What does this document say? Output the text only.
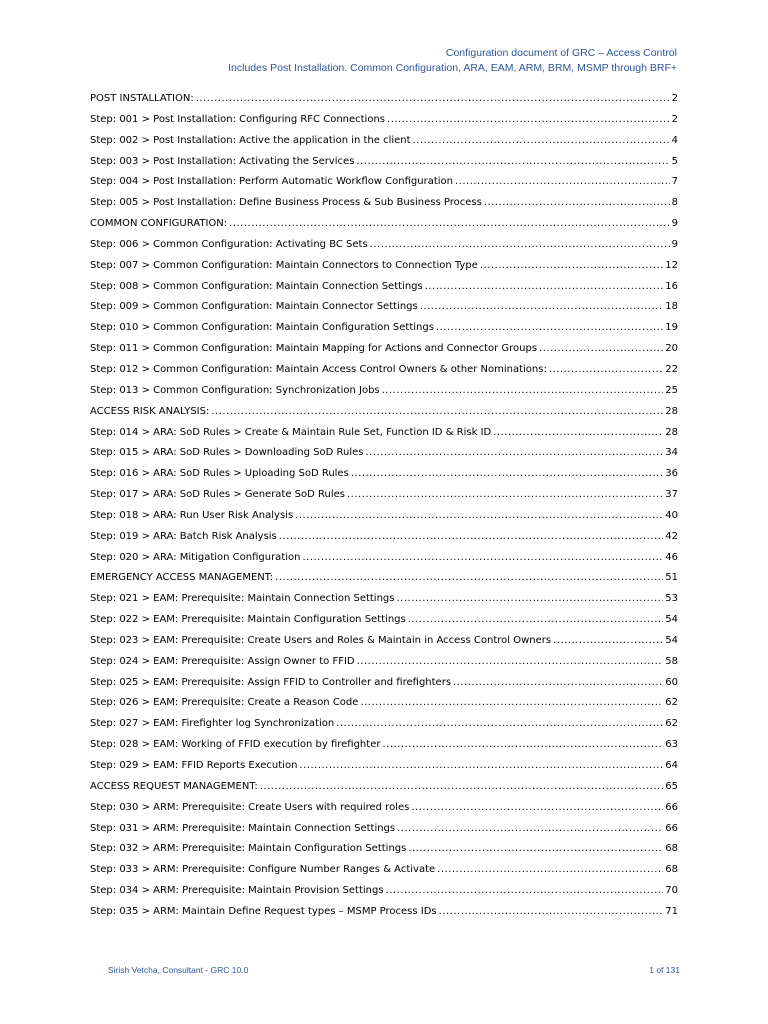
Configuration document of GRC – Access Control
Includes Post Installation. Common Configuration, ARA, EAM, ARM, BRM, MSMP through BRF+
POST INSTALLATION: .....	2
Step: 001 > Post Installation: Configuring RFC Connections .....	2
Step: 002 > Post Installation: Active the application in the client .....	4
Step: 003 > Post Installation: Activating the Services .....	5
Step: 004 > Post Installation: Perform Automatic Workflow Configuration .....	7
Step: 005 > Post Installation: Define Business Process & Sub Business Process .....	8
COMMON CONFIGURATION: .....	9
Step: 006 > Common Configuration: Activating BC Sets .....	9
Step: 007 > Common Configuration: Maintain Connectors to Connection Type .....	12
Step: 008 > Common Configuration: Maintain Connection Settings .....	16
Step: 009 > Common Configuration: Maintain Connector Settings .....	18
Step: 010 > Common Configuration: Maintain Configuration Settings .....	19
Step: 011 > Common Configuration: Maintain Mapping for Actions and Connector Groups .....	20
Step: 012 > Common Configuration: Maintain Access Control Owners & other Nominations: .....	22
Step: 013 > Common Configuration: Synchronization Jobs .....	25
ACCESS RISK ANALYSIS: .....	28
Step: 014 > ARA: SoD Rules > Create & Maintain Rule Set, Function ID & Risk ID .....	28
Step: 015 > ARA: SoD Rules > Downloading SoD Rules .....	34
Step: 016 > ARA: SoD Rules > Uploading SoD Rules .....	36
Step: 017 > ARA: SoD Rules > Generate SoD Rules .....	37
Step: 018 > ARA: Run User Risk Analysis .....	40
Step: 019 > ARA: Batch Risk Analysis .....	42
Step: 020 > ARA: Mitigation Configuration .....	46
EMERGENCY ACCESS MANAGEMENT: .....	51
Step: 021 > EAM: Prerequisite: Maintain Connection Settings .....	53
Step: 022 > EAM: Prerequisite: Maintain Configuration Settings .....	54
Step: 023 > EAM: Prerequisite: Create Users and Roles & Maintain in Access Control Owners .....	54
Step: 024 > EAM: Prerequisite: Assign Owner to FFID .....	58
Step: 025 > EAM: Prerequisite: Assign FFID to Controller and firefighters .....	60
Step: 026 > EAM: Prerequisite: Create a Reason Code .....	62
Step: 027 > EAM: Firefighter log Synchronization .....	62
Step: 028 > EAM: Working of FFID execution by firefighter .....	63
Step: 029 > EAM: FFID Reports Execution .....	64
ACCESS REQUEST MANAGEMENT: .....	65
Step: 030 > ARM: Prerequisite: Create Users with required roles .....	66
Step: 031 > ARM: Prerequisite: Maintain Connection Settings .....	66
Step: 032 > ARM: Prerequisite: Maintain Configuration Settings .....	68
Step: 033 > ARM: Prerequisite: Configure Number Ranges & Activate .....	68
Step: 034 > ARM: Prerequisite: Maintain Provision Settings .....	70
Step: 035 > ARM: Maintain Define Request types – MSMP Process IDs .....	71
Sirish Vetcha, Consultant - GRC 10.0	1 of 131
